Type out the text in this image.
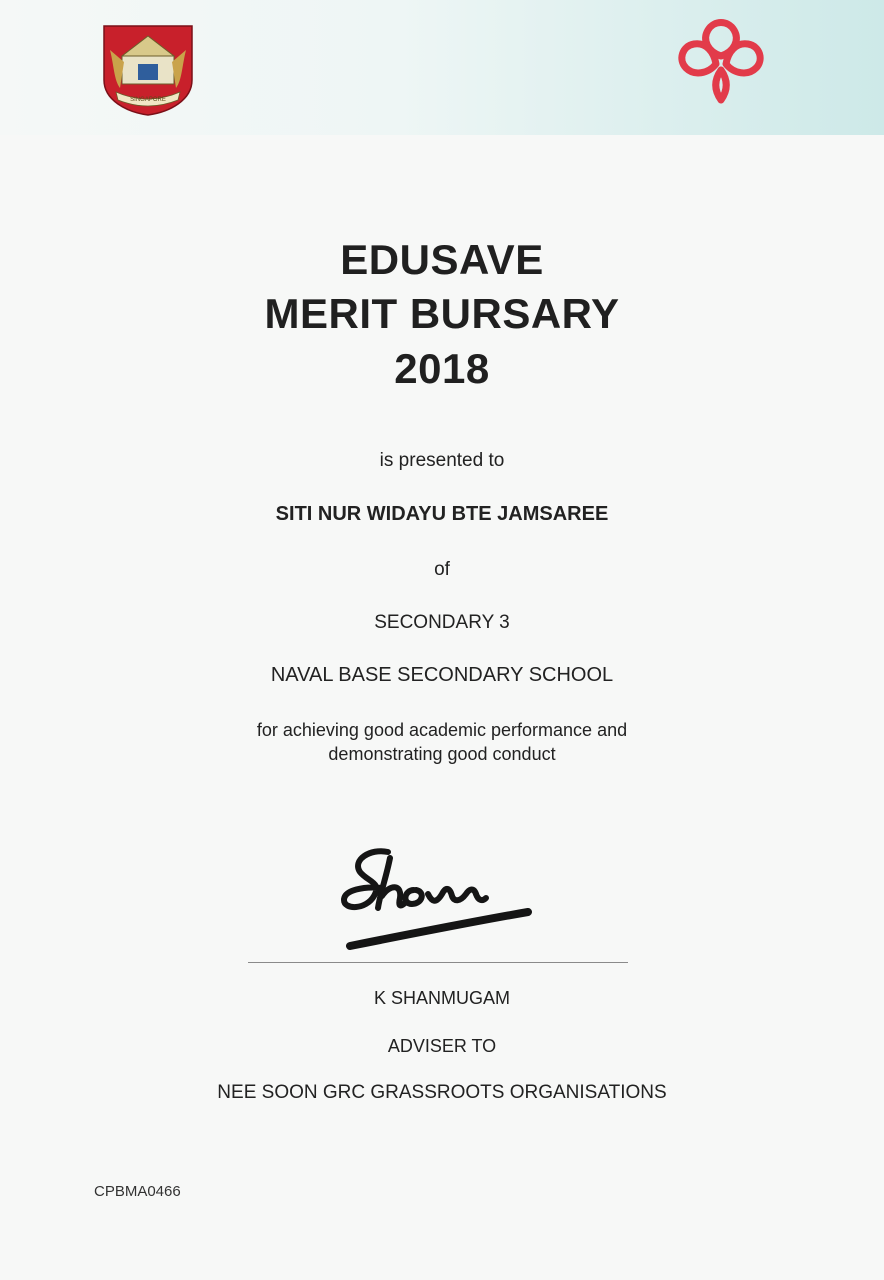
SINGAPORE
EDUSAVE
MERIT BURSARY
2018
is presented to
SITI NUR WIDAYU BTE JAMSAREE
of
SECONDARY 3
NAVAL BASE SECONDARY SCHOOL
for achieving good academic performance and
demonstrating good conduct
K SHANMUGAM
ADVISER TO
NEE SOON GRC GRASSROOTS ORGANISATIONS
CPBMA0466
